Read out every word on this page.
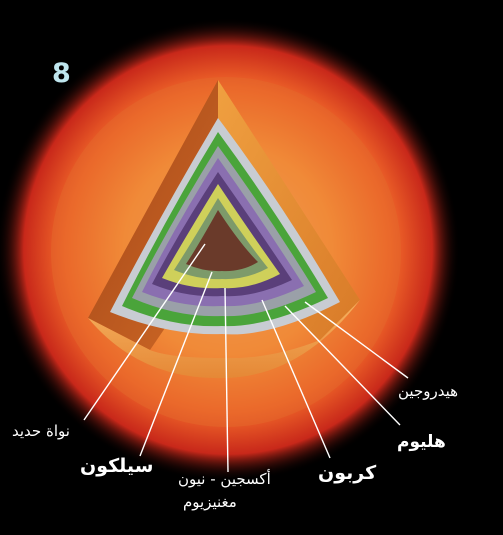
8
هيدروجين
هليوم
كربون
أكسجين - نيون
مغنيزيوم
سيلكون
نواة حديد
